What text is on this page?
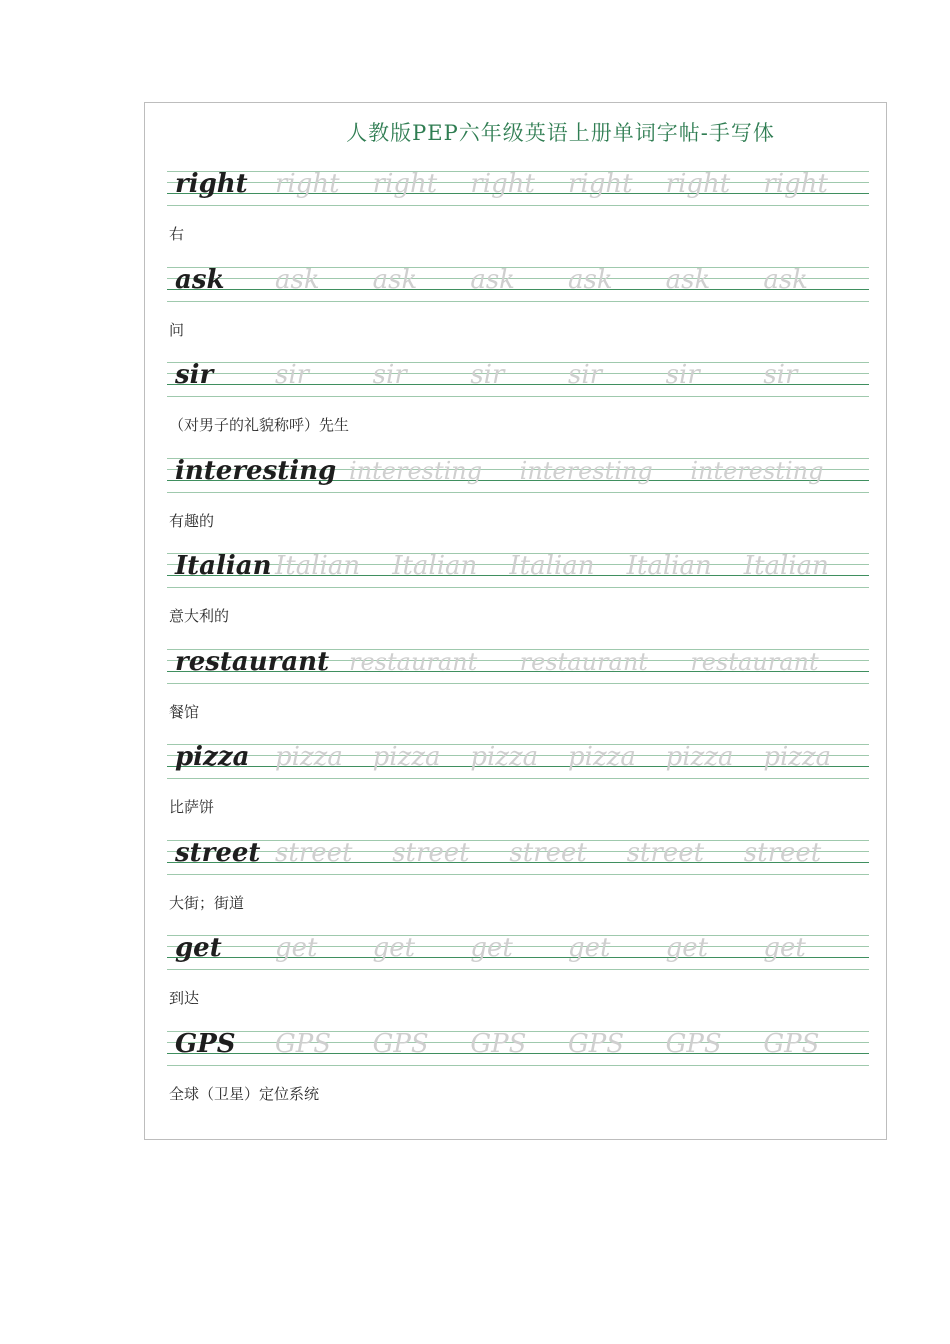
人教版PEP六年级英语上册单词字帖-手写体
right right right right right right right
右
ask ask ask ask ask ask ask
问
sir sir sir sir sir sir sir
（对男子的礼貌称呼）先生
interesting interesting interesting interesting
有趣的
Italian Italian Italian Italian Italian Italian
意大利的
restaurant restaurant restaurant restaurant
餐馆
pizza pizza pizza pizza pizza pizza pizza
比萨饼
street street street street street street
大街；街道
get get get get get get get
到达
GPS GPS GPS GPS GPS GPS GPS
全球（卫星）定位系统
